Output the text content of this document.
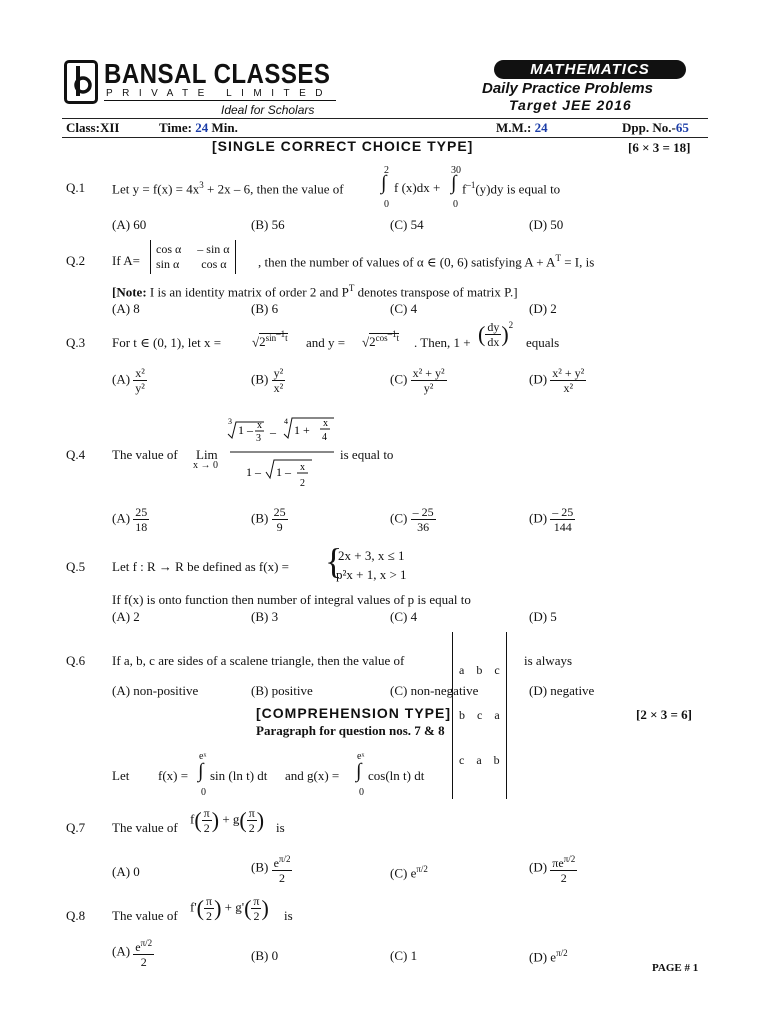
BANSAL CLASSES
PRIVATE LIMITED
Ideal for Scholars
MATHEMATICS
Daily Practice Problems
Target JEE 2016
Class:XII	Time: 24 Min.	M.M.: 24	Dpp. No.-65
[SINGLE CORRECT CHOICE TYPE]	[6 × 3 = 18]
Q.1 Let $y = f(x) = 4x^3 + 2x - 6$, then the value of
2
∫
0
f (x)dx +
30
∫
0
$f^{-1}(y)dy$ is equal to
(A) 60	(B) 56	(C) 54	(D) 50
Q.2 If A=
cos α – sin α
sin α cos α , then the number of values of α ∈ (0, 6) satisfying $A + A^T = I$, is
[Note: I is an identity matrix of order 2 and $P^T$ denotes transpose of matrix P.]
(A) 8	(B) 6	(C) 4	(D) 2
Q.3 For t ∈ (0, 1), let $x = √2^{sin^{-1}t}$ and $y = √2^{cos^{-1}t}$ . Then, 1 + ( $\frac{dy}{dx} )^2$
equals
$(A) \frac{\text{x²}}{\text{y²}}$	$(B) \frac{\text{y²}}{\text{x²}}$	$(C) \frac{\text{x² + y²}}{\text{y²}}$	$(D) \frac{\text{x² + y²}}{\text{x²}}$
Q.4 The value of Lim
x → 0
3
1 – x
3 –
4
1 + x
4
1 – 1 – x
2
is equal to
$(A) \frac{25}{18}$	$(B) \frac{25}{9}$	$(C) \frac{- 25}{36}$	$(D) \frac{- 25}{144}$
Q.5 Let f : R → R be defined as f(x) = {
2x + 3, x ≤ 1
p²x + 1, x > 1
If f(x) is onto function then number of integral values of p is equal to
(A) 2	(B) 3	(C) 4	(D) 5
Q.6 If a, b, c are sides of a scalene triangle, then the value of

a    b    c

b    c    a

c    a    b

is always
(A) non-positive	(B) positive	(C) non-negative	(D) negative
[COMPREHENSION TYPE]	[2 × 3 = 6]
Paragraph for question nos. 7 & 8
Let f(x) =
eˣ
∫
0
sin (ln t) dt and g(x) =
eˣ
∫
0
cos(ln t) dt
Q.7 The value of
$f( \frac{\pi}{2}$ ) + $g( \frac{\pi}{2}$ ) is
(A) 0	$(B) \frac{e^{\pi/2}}{2}$	(C) $e^{\pi/2}$	$(D) \frac{\pi e^{\pi/2}}{2}$
Q.8 The value of
$f'( \frac{\pi}{2}$ ) + $g'( \frac{\pi}{2}$ ) is
$(A) \frac{e^{\pi/2}}{2}$	(B) 0	(C) 1	(D) $e^{\pi/2}$
PAGE # 1
